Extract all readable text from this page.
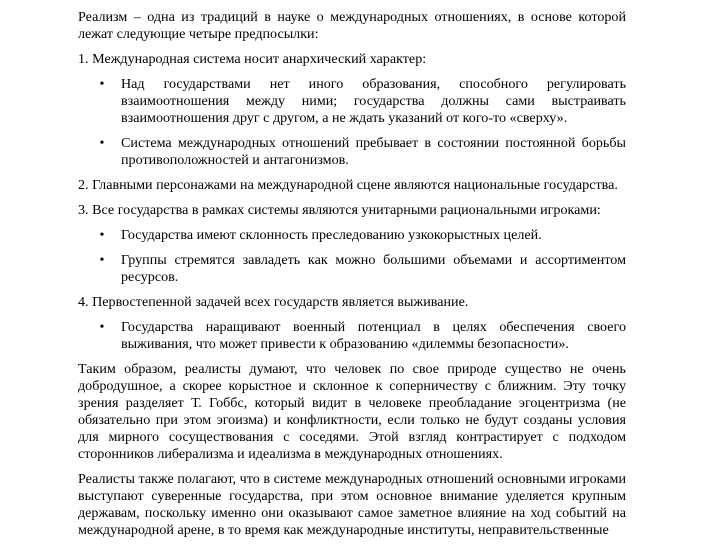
Реализм – одна из традиций в науке о международных отношениях, в основе которой лежат следующие четыре предпосылки:

1. Международная система носит анархический характер:

• Над государствами нет иного образования, способного регулировать взаимоотношения между ними; государства должны сами выстраивать взаимоотношения друг с другом, а не ждать указаний от кого-то «сверху».
• Система международных отношений пребывает в состоянии постоянной борьбы противоположностей и антагонизмов.

2. Главными персонажами на международной сцене являются национальные государства.

3. Все государства в рамках системы являются унитарными рациональными игроками:

• Государства имеют склонность преследованию узкокорыстных целей.
• Группы стремятся завладеть как можно большими объемами и ассортиментом ресурсов.

4. Первостепенной задачей всех государств является выживание.

• Государства наращивают военный потенциал в целях обеспечения своего выживания, что может привести к образованию «дилеммы безопасности».

Таким образом, реалисты думают, что человек по свое природе существо не очень добродушное, а скорее корыстное и склонное к соперничеству с ближним. Эту точку зрения разделяет Т. Гоббс, который видит в человеке преобладание эгоцентризма (не обязательно при этом эгоизма) и конфликтности, если только не будут созданы условия для мирного сосуществования с соседями. Этой взгляд контрастирует с подходом сторонников либерализма и идеализма в международных отношениях.

Реалисты также полагают, что в системе международных отношений основными игроками выступают суверенные государства, при этом основное внимание уделяется крупным державам, поскольку именно они оказывают самое заметное влияние на ход событий на международной арене, в то время как международные институты, неправительственные
